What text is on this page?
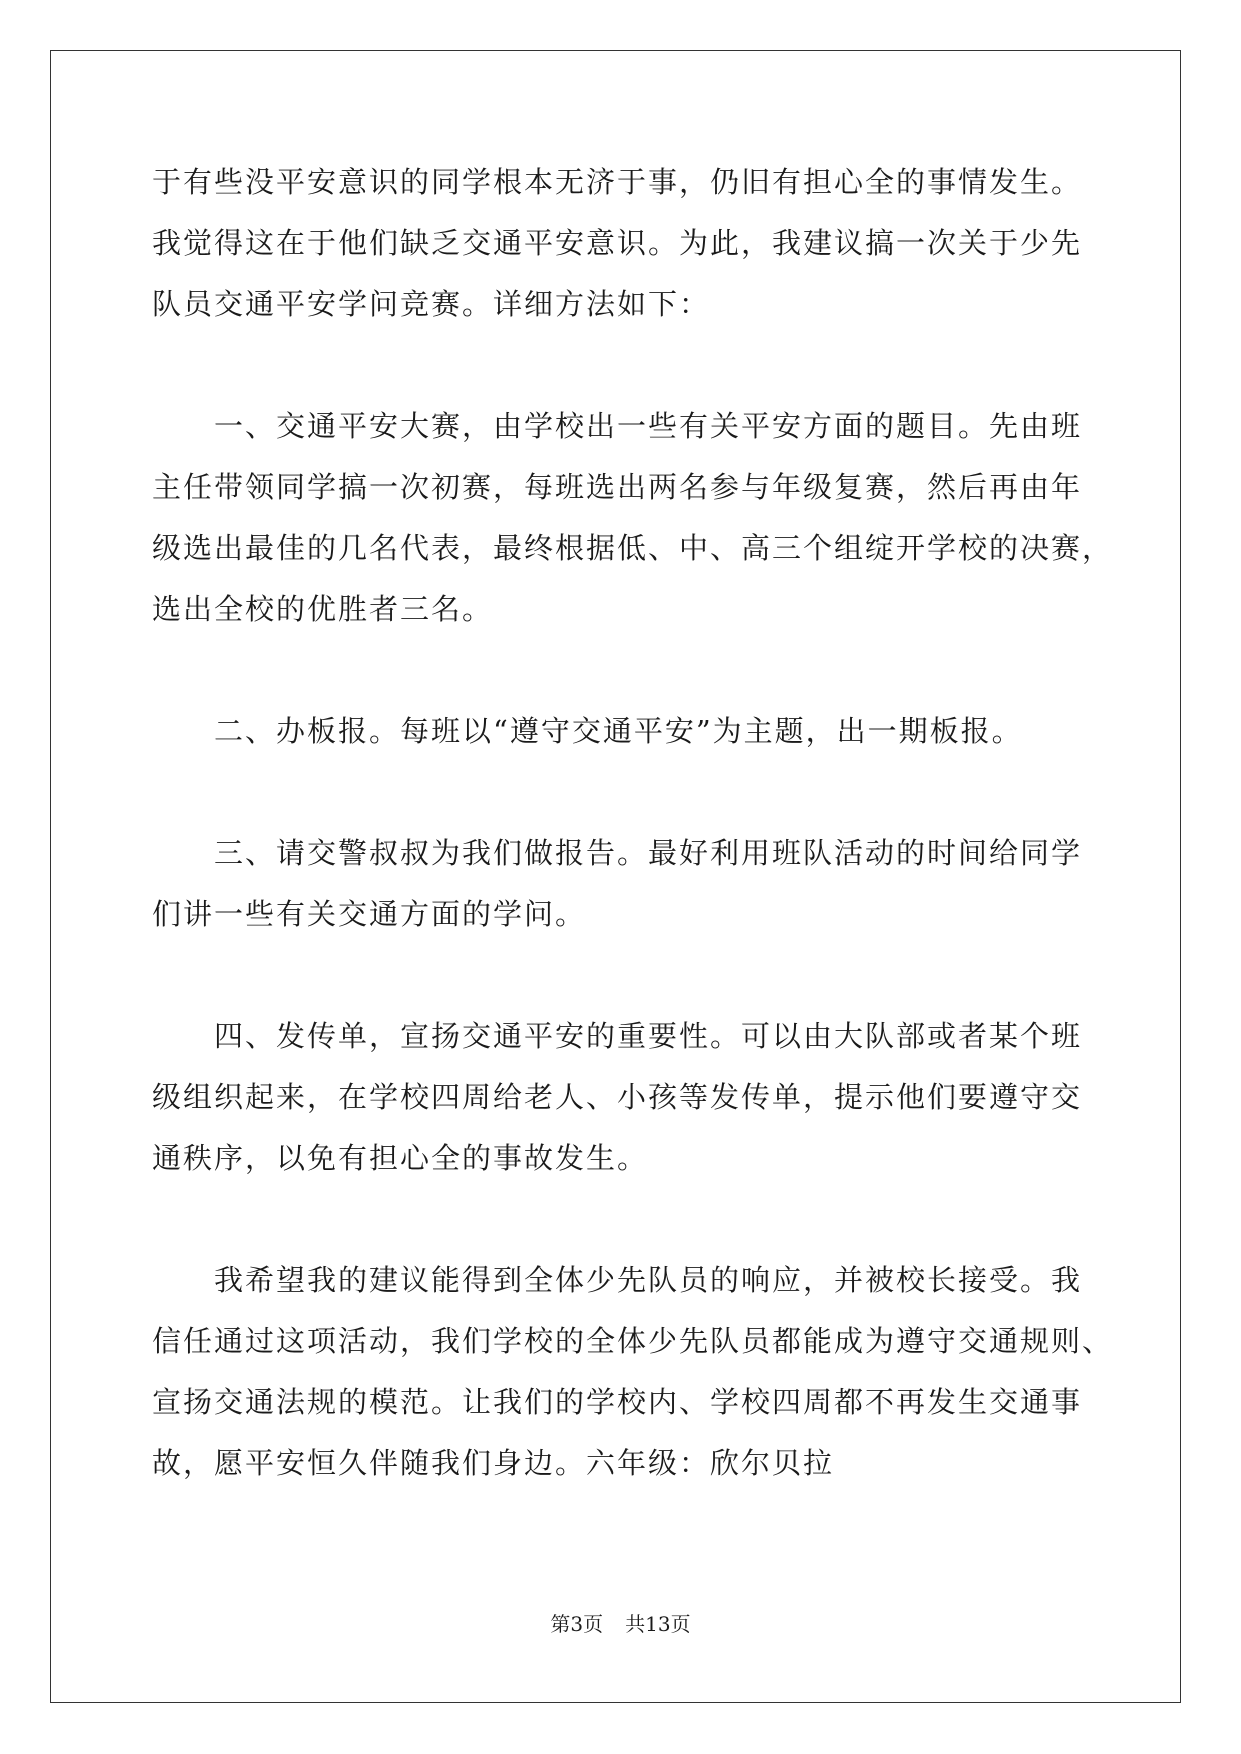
于有些没平安意识的同学根本无济于事，仍旧有担心全的事情发生。
我觉得这在于他们缺乏交通平安意识。为此，我建议搞一次关于少先
队员交通平安学问竞赛。详细方法如下：
一、交通平安大赛，由学校出一些有关平安方面的题目。先由班
主任带领同学搞一次初赛，每班选出两名参与年级复赛，然后再由年
级选出最佳的几名代表，最终根据低、中、高三个组绽开学校的决赛，
选出全校的优胜者三名。
二、办板报。每班以“遵守交通平安”为主题，出一期板报。
三、请交警叔叔为我们做报告。最好利用班队活动的时间给同学
们讲一些有关交通方面的学问。
四、发传单，宣扬交通平安的重要性。可以由大队部或者某个班
级组织起来，在学校四周给老人、小孩等发传单，提示他们要遵守交
通秩序，以免有担心全的事故发生。
我希望我的建议能得到全体少先队员的响应，并被校长接受。我
信任通过这项活动，我们学校的全体少先队员都能成为遵守交通规则、
宣扬交通法规的模范。让我们的学校内、学校四周都不再发生交通事
故，愿平安恒久伴随我们身边。六年级：欣尔贝拉
第3页 共13页
